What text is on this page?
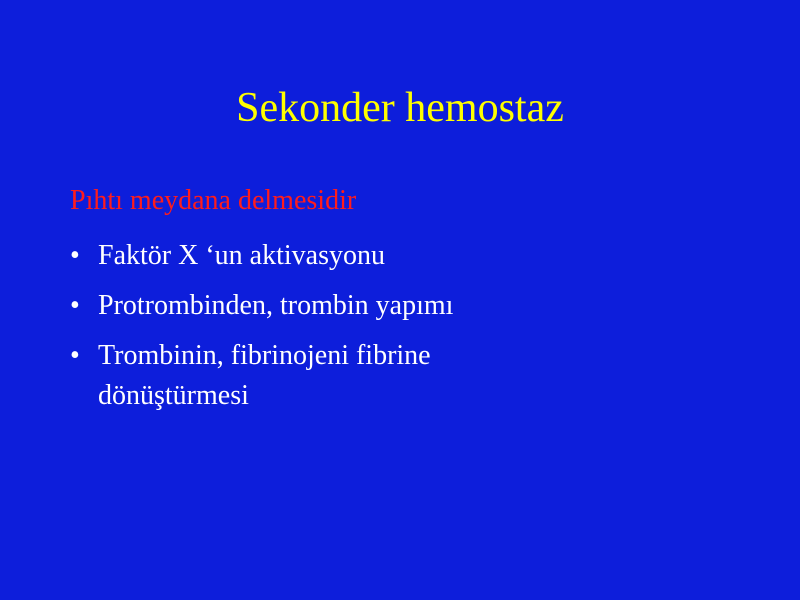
Sekonder hemostaz
Pıhtı meydana delmesidir
• Faktör X ‘un aktivasyonu
• Protrombinden, trombin yapımı
• Trombinin, fibrinojeni fibrine dönüştürmesi
